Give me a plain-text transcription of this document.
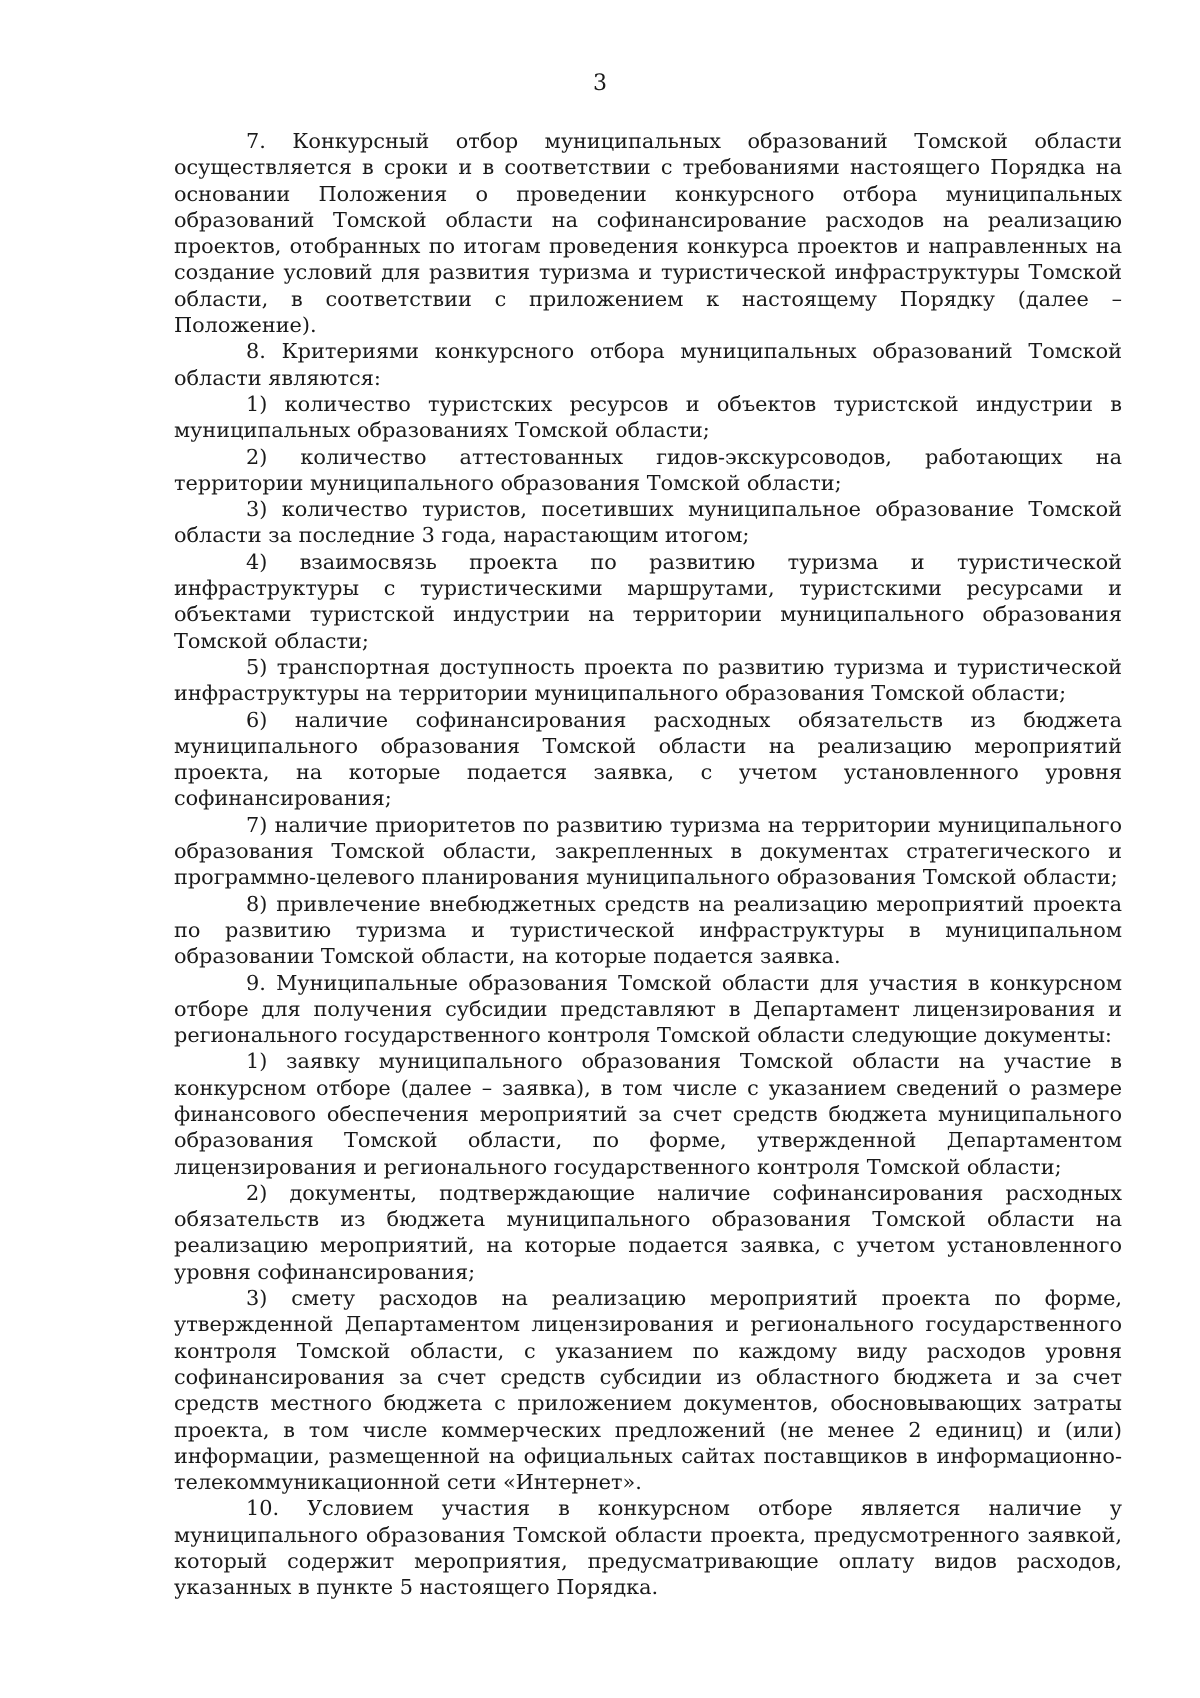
3

7. Конкурсный отбор муниципальных образований Томской области осуществляется в сроки и в соответствии с требованиями настоящего Порядка на основании Положения о проведении конкурсного отбора муниципальных образований Томской области на софинансирование расходов на реализацию проектов, отобранных по итогам проведения конкурса проектов и направленных на создание условий для развития туризма и туристической инфраструктуры Томской области, в соответствии с приложением к настоящему Порядку (далее – Положение).

8. Критериями конкурсного отбора муниципальных образований Томской области являются:

1) количество туристских ресурсов и объектов туристской индустрии в муниципальных образованиях Томской области;

2) количество аттестованных гидов-экскурсоводов, работающих на территории муниципального образования Томской области;

3) количество туристов, посетивших муниципальное образование Томской области за последние 3 года, нарастающим итогом;

4) взаимосвязь проекта по развитию туризма и туристической инфраструктуры с туристическими маршрутами, туристскими ресурсами и объектами туристской индустрии на территории муниципального образования Томской области;

5) транспортная доступность проекта по развитию туризма и туристической инфраструктуры на территории муниципального образования Томской области;

6) наличие софинансирования расходных обязательств из бюджета муниципального образования Томской области на реализацию мероприятий проекта, на которые подается заявка, с учетом установленного уровня софинансирования;

7) наличие приоритетов по развитию туризма на территории муниципального образования Томской области, закрепленных в документах стратегического и программно-целевого планирования муниципального образования Томской области;

8) привлечение внебюджетных средств на реализацию мероприятий проекта по развитию туризма и туристической инфраструктуры в муниципальном образовании Томской области, на которые подается заявка.

9. Муниципальные образования Томской области для участия в конкурсном отборе для получения субсидии представляют в Департамент лицензирования и регионального государственного контроля Томской области следующие документы:

1) заявку муниципального образования Томской области на участие в конкурсном отборе (далее – заявка), в том числе с указанием сведений о размере финансового обеспечения мероприятий за счет средств бюджета муниципального образования Томской области, по форме, утвержденной Департаментом лицензирования и регионального государственного контроля Томской области;

2) документы, подтверждающие наличие софинансирования расходных обязательств из бюджета муниципального образования Томской области на реализацию мероприятий, на которые подается заявка, с учетом установленного уровня софинансирования;

3) смету расходов на реализацию мероприятий проекта по форме, утвержденной Департаментом лицензирования и регионального государственного контроля Томской области, с указанием по каждому виду расходов уровня софинансирования за счет средств субсидии из областного бюджета и за счет средств местного бюджета с приложением документов, обосновывающих затраты проекта, в том числе коммерческих предложений (не менее 2 единиц) и (или) информации, размещенной на официальных сайтах поставщиков в информационно-телекоммуникационной сети «Интернет».

10. Условием участия в конкурсном отборе является наличие у муниципального образования Томской области проекта, предусмотренного заявкой, который содержит мероприятия, предусматривающие оплату видов расходов, указанных в пункте 5 настоящего Порядка.
